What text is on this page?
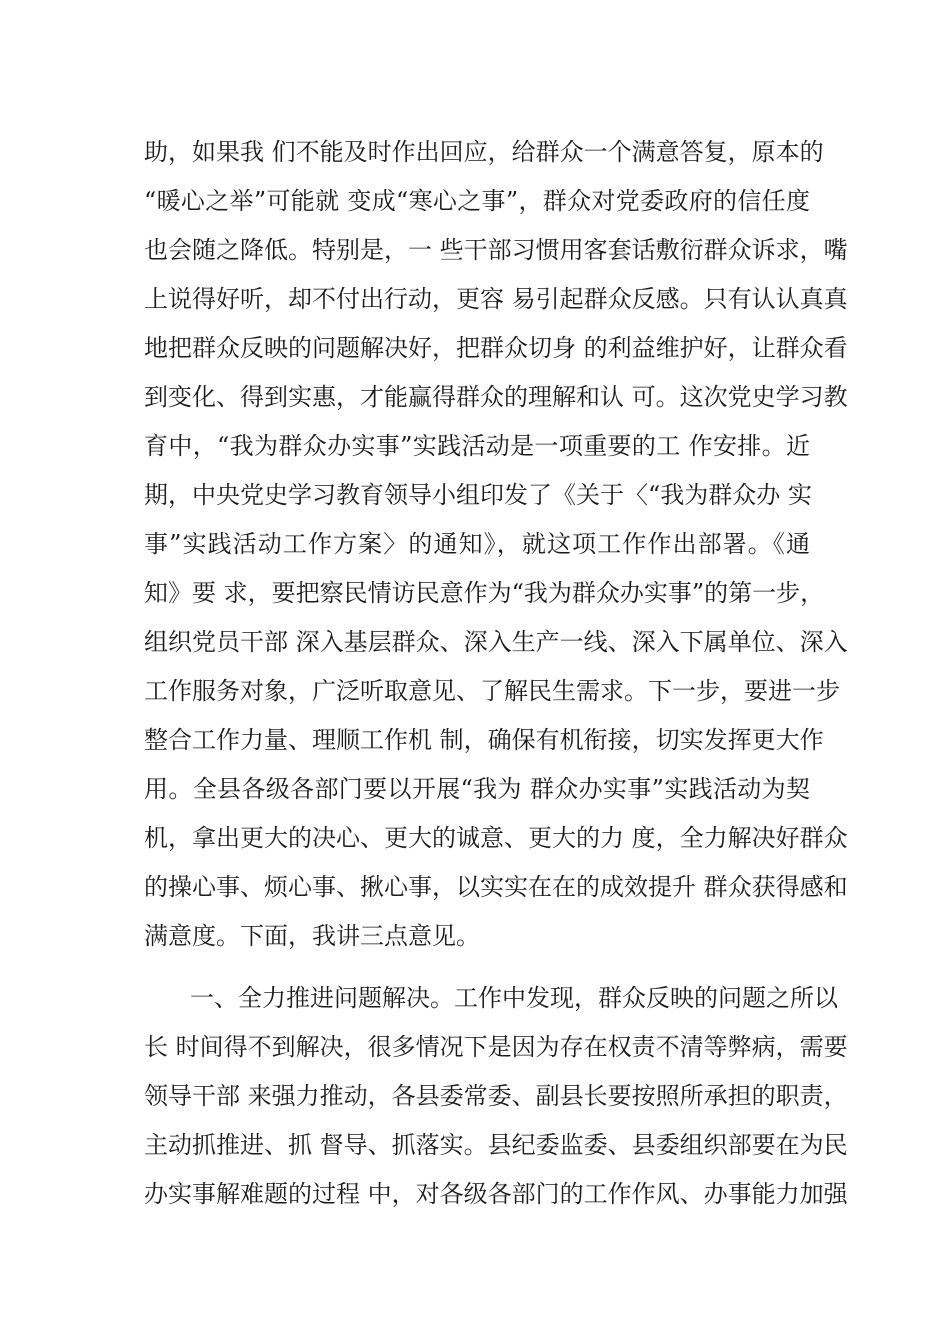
助，如果我 们不能及时作出回应，给群众一个满意答复，原本的
“暖心之举”可能就 变成“寒心之事”，群众对党委政府的信任度
也会随之降低。特别是，一 些干部习惯用客套话敷衍群众诉求，嘴
上说得好听，却不付出行动，更容 易引起群众反感。只有认认真真
地把群众反映的问题解决好，把群众切身 的利益维护好，让群众看
到变化、得到实惠，才能赢得群众的理解和认 可。这次党史学习教
育中，“我为群众办实事”实践活动是一项重要的工 作安排。近
期，中央党史学习教育领导小组印发了《关于〈“我为群众办 实
事”实践活动工作方案〉的通知》，就这项工作作出部署。《通
知》要 求，要把察民情访民意作为“我为群众办实事”的第一步，
组织党员干部 深入基层群众、深入生产一线、深入下属单位、深入
工作服务对象，广泛听取意见、了解民生需求。下一步，要进一步
整合工作力量、理顺工作机 制，确保有机衔接，切实发挥更大作
用。全县各级各部门要以开展“我为 群众办实事”实践活动为契
机，拿出更大的决心、更大的诚意、更大的力 度，全力解决好群众
的操心事、烦心事、揪心事，以实实在在的成效提升 群众获得感和
满意度。下面，我讲三点意见。
一、全力推进问题解决。工作中发现，群众反映的问题之所以
长 时间得不到解决，很多情况下是因为存在权责不清等弊病，需要
领导干部 来强力推动，各县委常委、副县长要按照所承担的职责，
主动抓推进、抓 督导、抓落实。县纪委监委、县委组织部要在为民
办实事解难题的过程 中，对各级各部门的工作作风、办事能力加强
